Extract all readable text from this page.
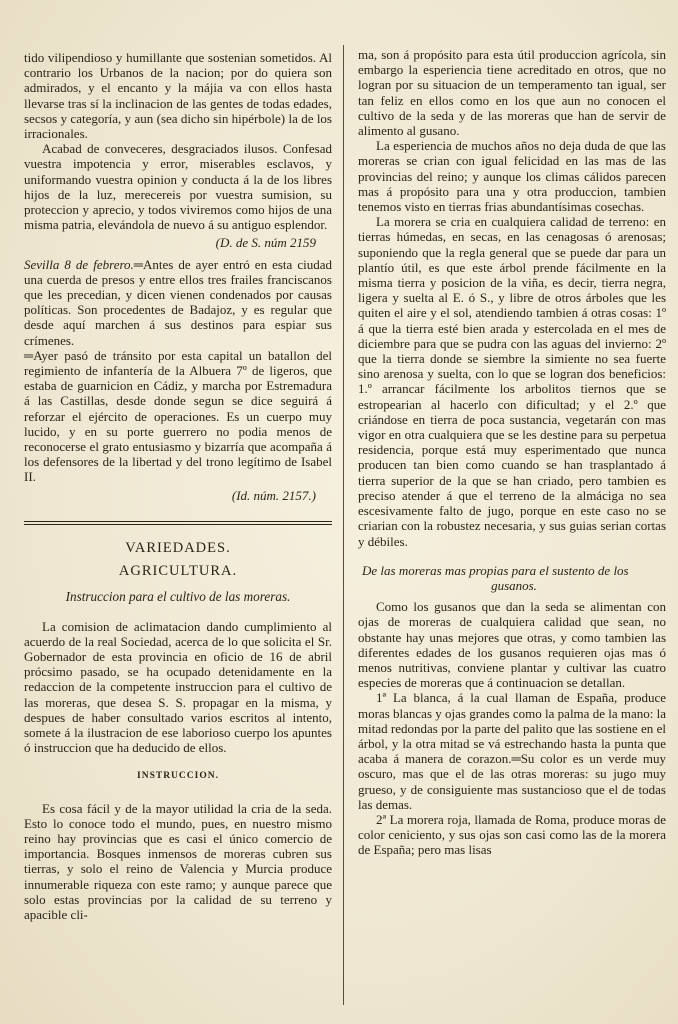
tido vilipendioso y humillante que sostenian sometidos. Al contrario los Urbanos de la nacion; por do quiera son admirados, y el encanto y la májia va con ellos hasta llevarse tras sí la inclinacion de las gentes de todas edades, secsos y categoría, y aun (sea dicho sin hipérbole) la de los irracionales.

Acabad de conveceres, desgraciados ilusos. Confesad vuestra impotencia y error, miserables esclavos, y uniformando vuestra opinion y conducta á la de los libres hijos de la luz, merecereis por vuestra sumision, su proteccion y aprecio, y todos viviremos como hijos de una misma patria, elevándola de nuevo á su antiguo esplendor.

(D. de S. núm 2159

Sevilla 8 de febrero.═Antes de ayer entró en esta ciudad una cuerda de presos y entre ellos tres frailes franciscanos que les precedian, y dicen vienen condenados por causas políticas. Son procedentes de Badajoz, y es regular que desde aquí marchen á sus destinos para espiar sus crímenes.

═Ayer pasó de tránsito por esta capital un batallon del regimiento de infantería de la Albuera 7º de ligeros, que estaba de guarnicion en Cádiz, y marcha por Estremadura á las Castillas, desde donde segun se dice seguirá á reforzar el ejército de operaciones. Es un cuerpo muy lucido, y en su porte guerrero no podia menos de reconocerse el grato entusiasmo y bizarría que acompaña á los defensores de la libertad y del trono legítimo de Isabel II.

(Id. núm. 2157.)

VARIEDADES.

AGRICULTURA.

Instruccion para el cultivo de las moreras.

La comision de aclimatacion dando cumplimiento al acuerdo de la real Sociedad, acerca de lo que solicita el Sr. Gobernador de esta provincia en oficio de 16 de abril prócsimo pasado, se ha ocupado detenidamente en la redaccion de la competente instruccion para el cultivo de las moreras, que desea S. S. propagar en la misma, y despues de haber consultado varios escritos al intento, somete á la ilustracion de ese laborioso cuerpo los apuntes ó instruccion que ha deducido de ellos.

INSTRUCCION.

Es cosa fácil y de la mayor utilidad la cria de la seda. Esto lo conoce todo el mundo, pues, en nuestro mismo reino hay provincias que es casi el único comercio de importancia. Bosques inmensos de moreras cubren sus tierras, y solo el reino de Valencia y Murcia produce innumerable riqueza con este ramo; y aunque parece que solo estas provincias por la calidad de su terreno y apacible cli-

ma, son á propósito para esta útil produccion agrícola, sin embargo la esperiencia tiene acreditado en otros, que no logran por su situacion de un temperamento tan igual, ser tan feliz en ellos como en los que aun no conocen el cultivo de la seda y de las moreras que han de servir de alimento al gusano.

La esperiencia de muchos años no deja duda de que las moreras se crian con igual felicidad en las mas de las provincias del reino; y aunque los climas cálidos parecen mas á propósito para una y otra produccion, tambien tenemos visto en tierras frias abundantísimas cosechas.

La morera se cria en cualquiera calidad de terreno: en tierras húmedas, en secas, en las cenagosas ó arenosas; suponiendo que la regla general que se puede dar para un plantío útil, es que este árbol prende fácilmente en la misma tierra y posicion de la viña, es decir, tierra negra, ligera y suelta al E. ó S., y libre de otros árboles que les quiten el aire y el sol, atendiendo tambien á otras cosas: 1º á que la tierra esté bien arada y estercolada en el mes de diciembre para que se pudra con las aguas del invierno: 2º que la tierra donde se siembre la simiente no sea fuerte sino arenosa y suelta, con lo que se logran dos beneficios: 1.º arrancar fácilmente los arbolitos tiernos que se estropearian al hacerlo con dificultad; y el 2.º que criándose en tierra de poca sustancia, vegetarán con mas vigor en otra cualquiera que se les destine para su perpetua residencia, porque está muy esperimentado que nunca producen tan bien como cuando se han trasplantado á tierra superior de la que se han criado, pero tambien es preciso atender á que el terreno de la almáciga no sea escesivamente falto de jugo, porque en este caso no se criarian con la robustez necesaria, y sus guias serian cortas y débiles.

De las moreras mas propias para el sustento de los
gusanos.

Como los gusanos que dan la seda se alimentan con ojas de moreras de cualquiera calidad que sean, no obstante hay unas mejores que otras, y como tambien las diferentes edades de los gusanos requieren ojas mas ó menos nutritivas, conviene plantar y cultivar las cuatro especies de moreras que á continuacion se detallan.

1ª La blanca, á la cual llaman de España, produce moras blancas y ojas grandes como la palma de la mano: la mitad redondas por la parte del palito que las sostiene en el árbol, y la otra mitad se vá estrechando hasta la punta que acaba á manera de corazon.═Su color es un verde muy oscuro, mas que el de las otras moreras: su jugo muy grueso, y de consiguiente mas sustancioso que el de todas las demas.

2ª La morera roja, llamada de Roma, produce moras de color ceniciento, y sus ojas son casi como las de la morera de España; pero mas lisas
